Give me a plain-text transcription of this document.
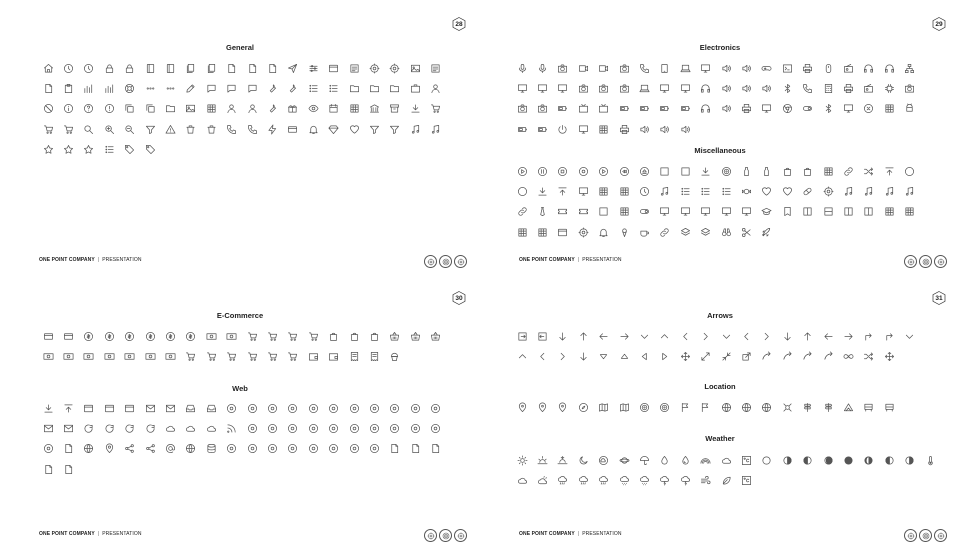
28
General
ONE POINT COMPANY | PRESENTATION
29
Electronics
Miscellaneous
ONE POINT COMPANY | PRESENTATION
30
E-Commerce
Web
ONE POINT COMPANY | PRESENTATION
31
Arrows
Location
Weather
ONE POINT COMPANY | PRESENTATION
